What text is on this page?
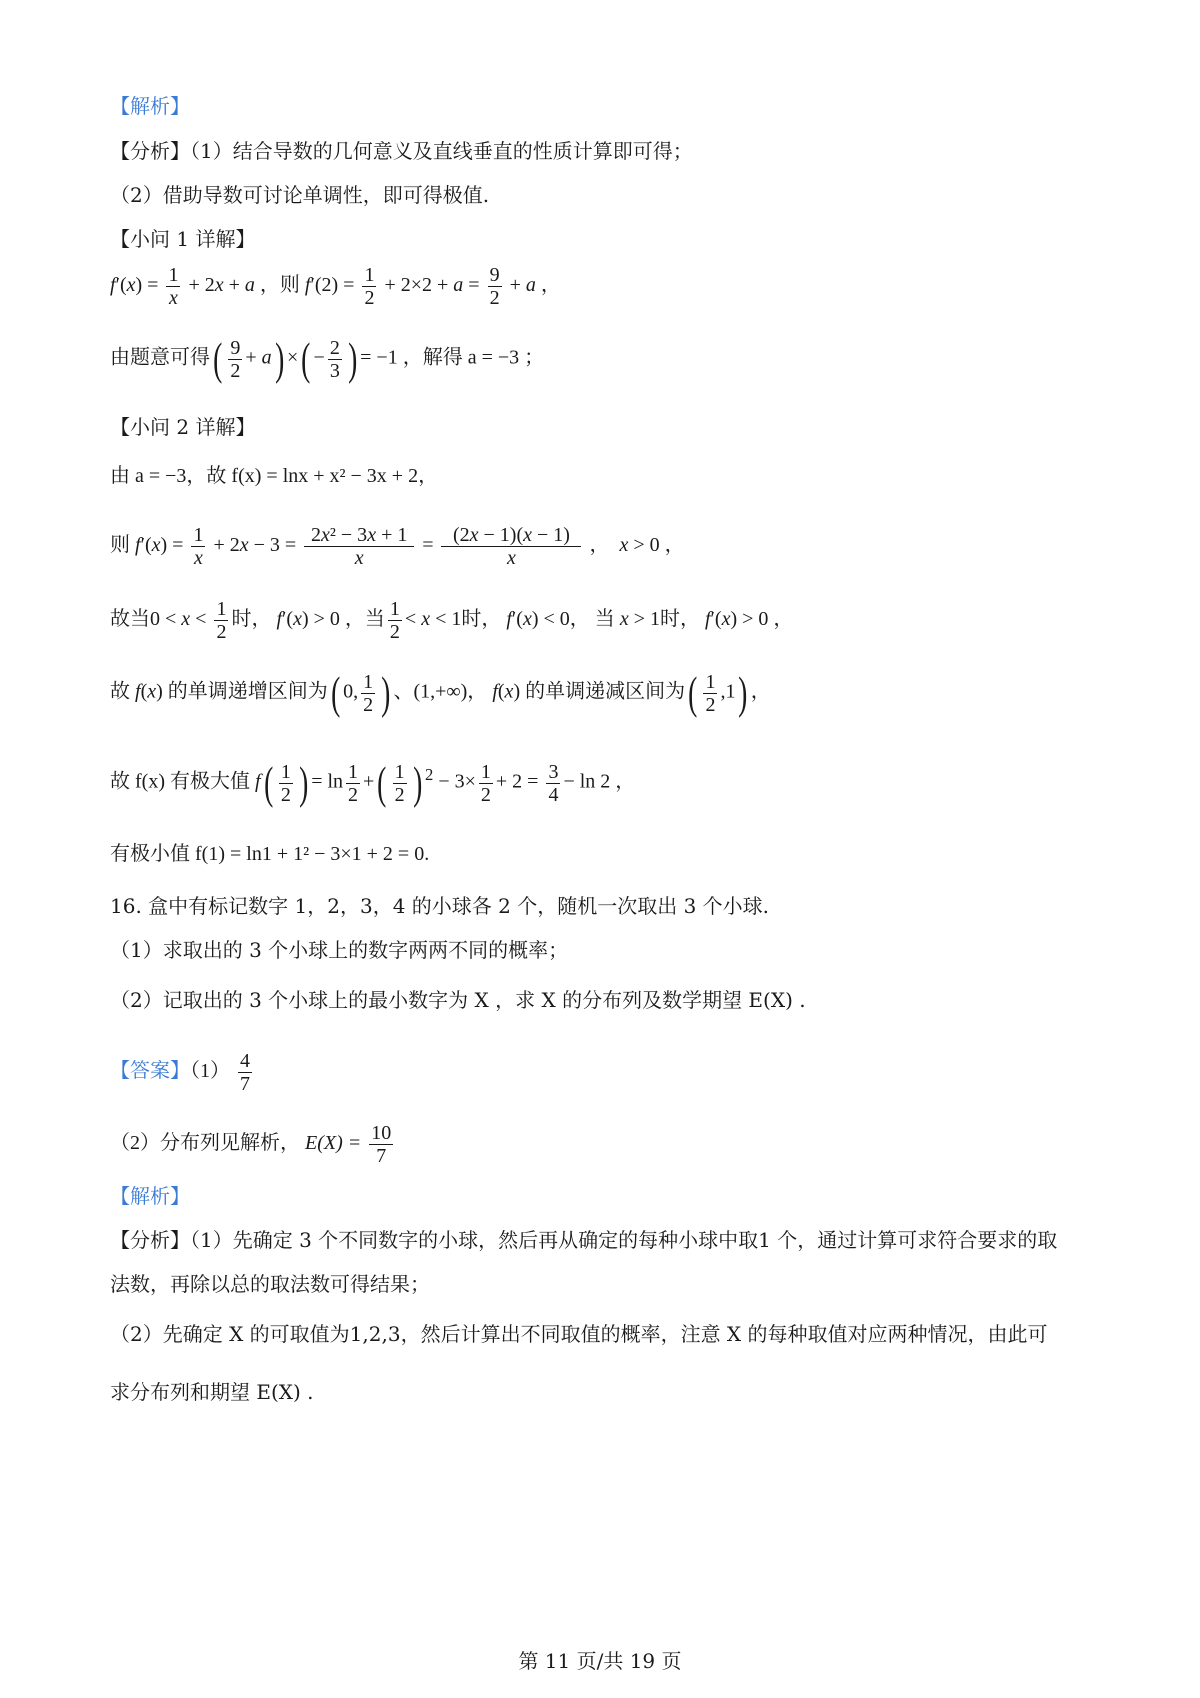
【解析】
【分析】（1）结合导数的几何意义及直线垂直的性质计算即可得；
（2）借助导数可讨论单调性，即可得极值.
【小问 1 详解】
$f'(x) = \frac{1}{x} + 2x + a$ ，则 $f'(2) = \frac{1}{2} + 2\times 2 + a = \frac{9}{2} + a$ ，
由题意可得( $\frac{9}{2} + a$) ×( − $\frac{2}{3}$ ) = −1 ，解得 a = −3 ；
【小问 2 详解】
由 a = −3，故 f(x) = lnx + x² − 3x + 2，
则 $f'(x) = \frac{1}{x} + 2x - 3 = \frac{\text{2x² − 3x + 1}}{x} = \frac{(2x - 1)(x - 1)}{x}$ ，  x > 0 ，
故当$0 < x < \frac{1}{2}$ 时， f′(x) > 0 ，当 $\frac{1}{2} < x < 1$时， f′(x) < 0， 当 x > 1时， f′(x) > 0 ，
故 f(x) 的单调递增区间为( 0, $\frac{1}{2}$ ) 、(1,+∞)， f(x) 的单调递减区间为( $\frac{1}{2} ,1$) ，
故 f(x) 有极大值 $f( \frac{1}{2}$ ) = $\ln \frac{1}{2}$ +( $\frac{1}{2}$ ) $^2 - 3\times \frac{1}{2} + 2 = \frac{3}{4} - \ln 2$ ，
有极小值 f(1) = ln1 + 1² − 3×1 + 2 = 0.
16. 盒中有标记数字 1，2，3，4 的小球各 2 个，随机一次取出 3 个小球.
（1）求取出的 3 个小球上的数字两两不同的概率；
（2）记取出的 3 个小球上的最小数字为 X ，求 X 的分布列及数学期望 E(X) .
【答案】$(1) \frac{4}{7}$
（2）分布列见解析， $E(X) = \frac{10}{7}$
【解析】
【分析】（1）先确定 3 个不同数字的小球，然后再从确定的每种小球中取1 个，通过计算可求符合要求的取
法数，再除以总的取法数可得结果；
（2）先确定 X 的可取值为1,2,3，然后计算出不同取值的概率，注意 X 的每种取值对应两种情况，由此可
求分布列和期望 E(X) .
第 11 页/共 19 页
